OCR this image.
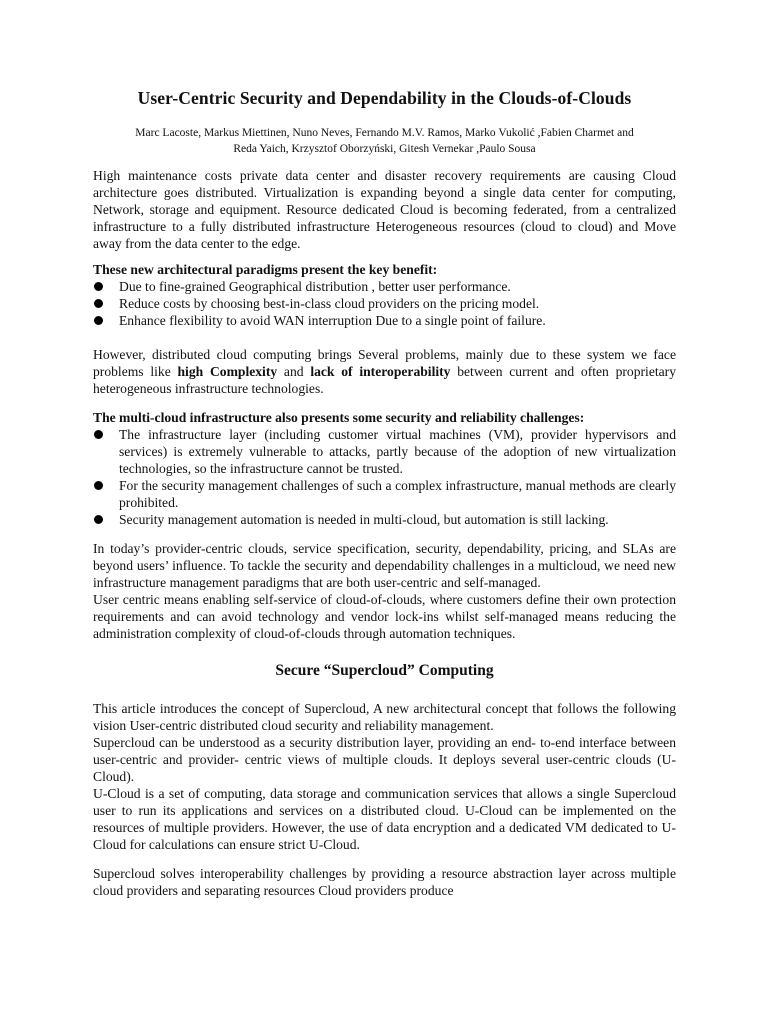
User-Centric Security and Dependability in the Clouds-of-Clouds
Marc Lacoste, Markus Miettinen, Nuno Neves, Fernando M.V. Ramos, Marko Vukolić ,Fabien Charmet and
Reda Yaich, Krzysztof Oborzyński, Gitesh Vernekar ,Paulo Sousa

High maintenance costs private data center and disaster recovery requirements are causing Cloud architecture goes distributed. Virtualization is expanding beyond a single data center for computing, Network, storage and equipment. Resource dedicated Cloud is becoming federated, from a centralized infrastructure to a fully distributed infrastructure Heterogeneous resources (cloud to cloud) and Move away from the data center to the edge.

These new architectural paradigms present the key benefit:
Due to fine-grained Geographical distribution , better user performance.
Reduce costs by choosing best-in-class cloud providers on the pricing model.
Enhance flexibility to avoid WAN interruption Due to a single point of failure.

However, distributed cloud computing brings Several problems, mainly due to these system we face problems like high Complexity and lack of interoperability between current and often proprietary heterogeneous infrastructure technologies.

The multi-cloud infrastructure also presents some security and reliability challenges:
The infrastructure layer (including customer virtual machines (VM), provider hypervisors and services) is extremely vulnerable to attacks, partly because of the adoption of new virtualization technologies, so the infrastructure cannot be trusted.
For the security management challenges of such a complex infrastructure, manual methods are clearly prohibited.
Security management automation is needed in multi-cloud, but automation is still lacking.

In today’s provider-centric clouds, service specification, security, dependability, pricing, and SLAs are beyond users’ influence. To tackle the security and dependability challenges in a multicloud, we need new infrastructure management paradigms that are both user-centric and self-managed.

User centric means enabling self-service of cloud-of-clouds, where customers define their own protection requirements and can avoid technology and vendor lock-ins whilst self-managed means reducing the administration complexity of cloud-of-clouds through automation techniques.

Secure “Supercloud” Computing

This article introduces the concept of Supercloud, A new architectural concept that follows the following vision User-centric distributed cloud security and reliability management.

Supercloud can be understood as a security distribution layer, providing an end- to-end interface between user-centric and provider- centric views of multiple clouds. It deploys several user-centric clouds (U-Cloud).

U-Cloud is a set of computing, data storage and communication services that allows a single Supercloud user to run its applications and services on a distributed cloud. U-Cloud can be implemented on the resources of multiple providers. However, the use of data encryption and a dedicated VM dedicated to U-Cloud for calculations can ensure strict U-Cloud.

Supercloud solves interoperability challenges by providing a resource abstraction layer across multiple cloud providers and separating resources Cloud providers produce
